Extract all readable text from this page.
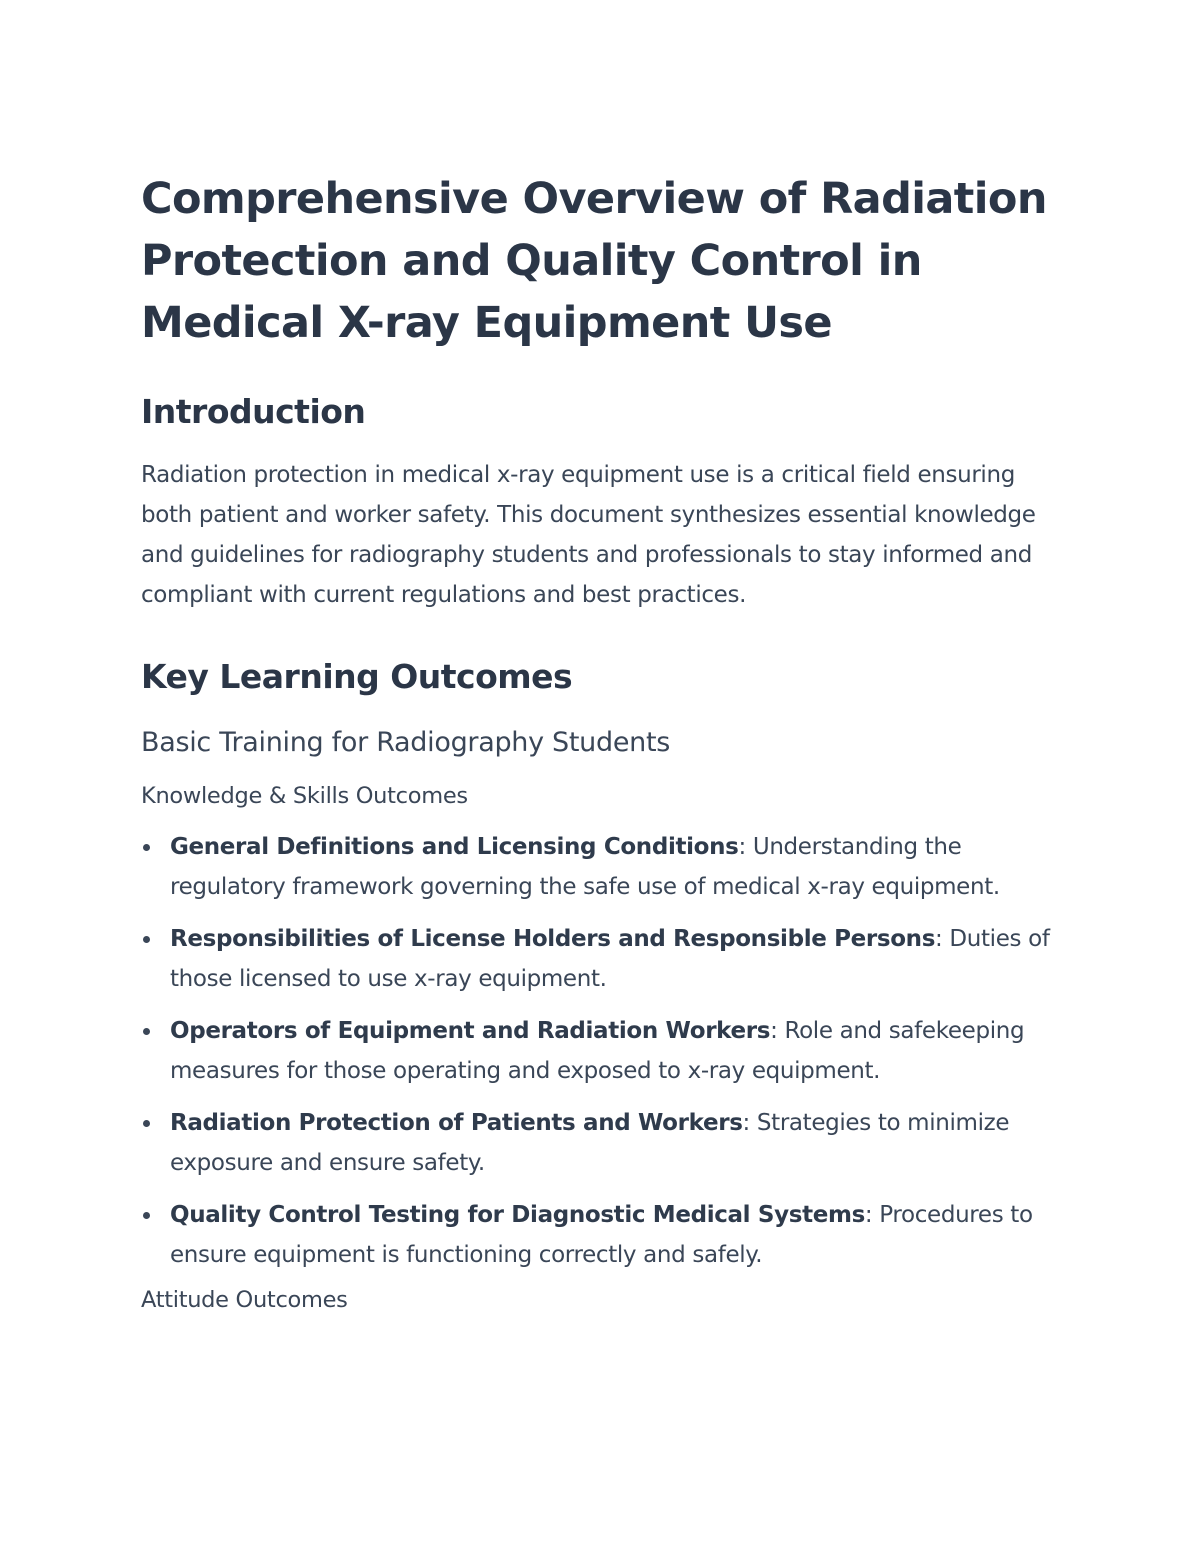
Comprehensive Overview of Radiation Protection and Quality Control in Medical X-ray Equipment Use
Introduction

Radiation protection in medical x-ray equipment use is a critical field ensuring both patient and worker safety. This document synthesizes essential knowledge and guidelines for radiography students and professionals to stay informed and compliant with current regulations and best practices.

Key Learning Outcomes
Basic Training for Radiography Students
Knowledge & Skills Outcomes
General Definitions and Licensing Conditions: Understanding the regulatory framework governing the safe use of medical x-ray equipment.
Responsibilities of License Holders and Responsible Persons: Duties of those licensed to use x-ray equipment.
Operators of Equipment and Radiation Workers: Role and safekeeping measures for those operating and exposed to x-ray equipment.
Radiation Protection of Patients and Workers: Strategies to minimize exposure and ensure safety.
Quality Control Testing for Diagnostic Medical Systems: Procedures to ensure equipment is functioning correctly and safely.
Attitude Outcomes
